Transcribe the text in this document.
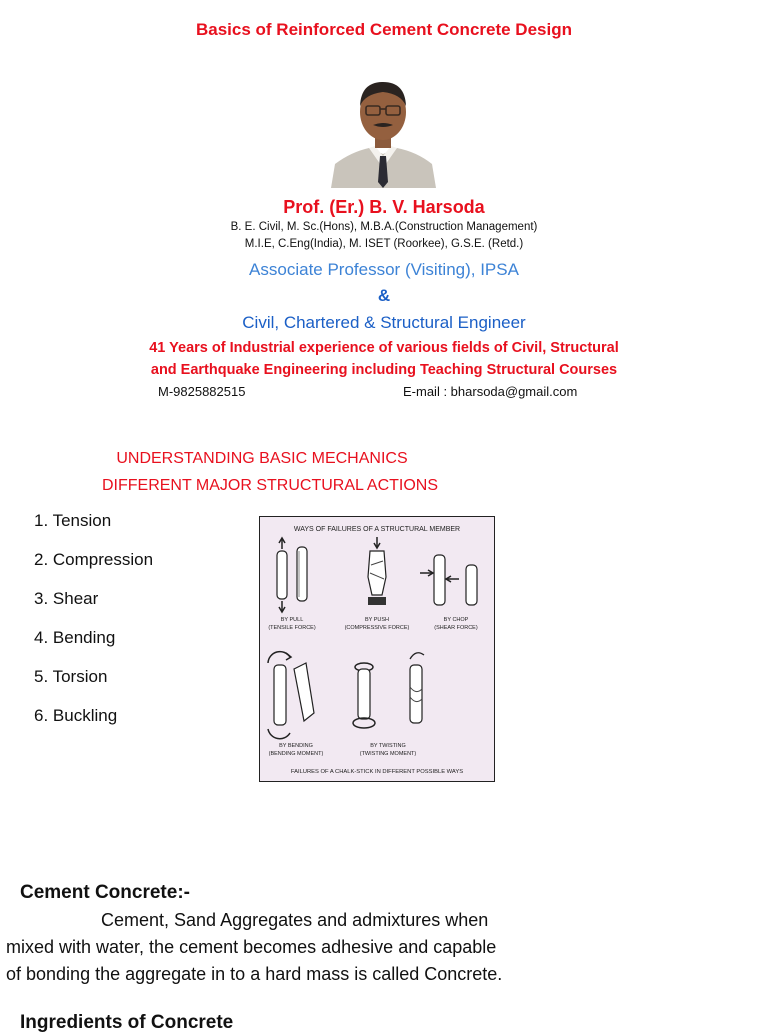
Basics of Reinforced Cement Concrete Design
Prof. (Er.) B. V. Harsoda
B. E. Civil, M. Sc.(Hons), M.B.A.(Construction Management)
M.I.E, C.Eng(India), M. ISET (Roorkee), G.S.E. (Retd.)
Associate Professor (Visiting), IPSA
&
Civil, Chartered & Structural Engineer
41 Years of Industrial experience of various fields of Civil, Structural
and Earthquake Engineering including Teaching Structural Courses
M-9825882515	E-mail : bharsoda@gmail.com
UNDERSTANDING BASIC MECHANICS
DIFFERENT MAJOR STRUCTURAL ACTIONS
1. Tension
2. Compression
3. Shear
4. Bending
5. Torsion
6. Buckling
WAYS OF FAILURES OF A STRUCTURAL MEMBER
BY PULL
(TENSILE FORCE)
BY PUSH
(COMPRESSIVE FORCE)
BY CHOP
(SHEAR FORCE)
BY BENDING
(BENDING MOMENT)
BY TWISTING
(TWISTING MOMENT)
FAILURES OF A CHALK-STICK IN DIFFERENT POSSIBLE WAYS
Cement Concrete:-
Cement, Sand Aggregates and admixtures when
mixed with water, the cement becomes adhesive and capable
of bonding the aggregate in to a hard mass is called Concrete.
Ingredients of Concrete
